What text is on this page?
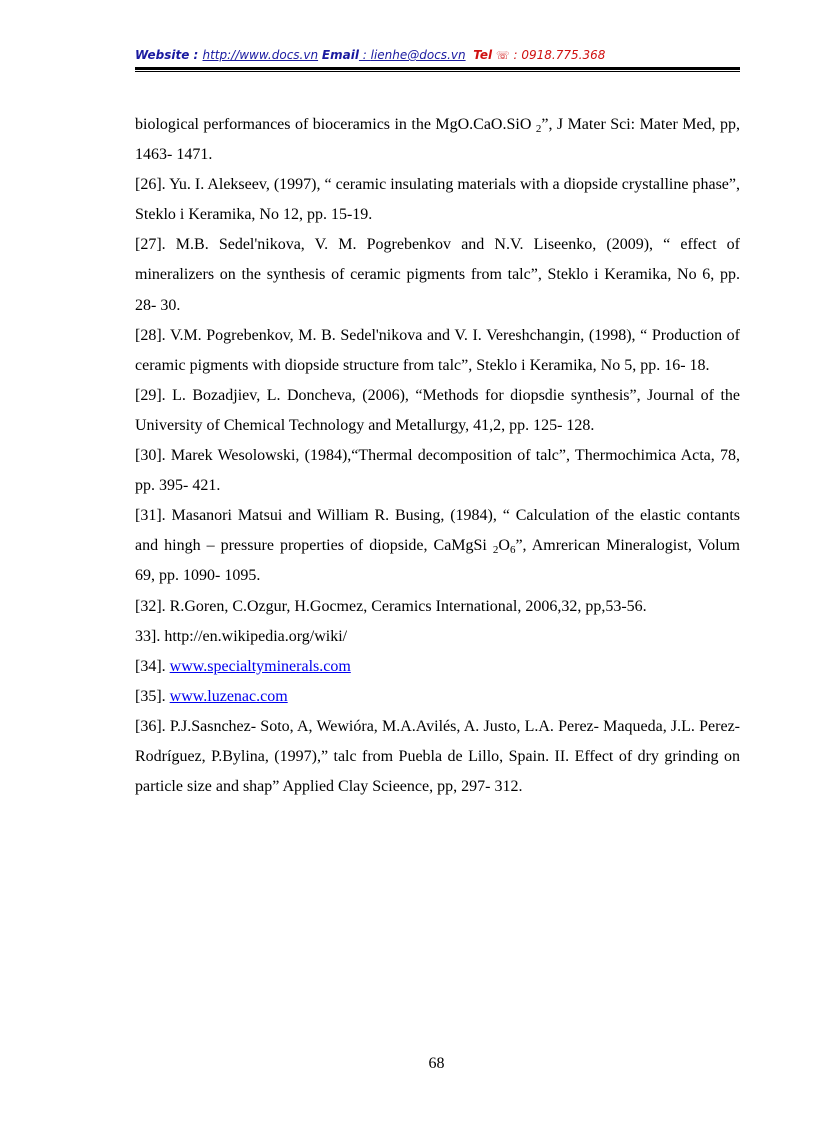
Website : http://www.docs.vn Email : lienhe@docs.vn Tel ☏ : 0918.775.368

biological performances of bioceramics in the MgO.CaO.SiO $_2$”, J Mater Sci: Mater Med, pp, 1463- 1471.

[26]. Yu. I. Alekseev, (1997), “ ceramic insulating materials with a diopside crystalline phase”, Steklo i Keramika, No 12, pp. 15-19.

[27]. M.B. Sedel'nikova, V. M. Pogrebenkov and N.V. Liseenko, (2009), “ effect of mineralizers on the synthesis of ceramic pigments from talc”, Steklo i Keramika, No 6, pp. 28- 30.

[28]. V.M. Pogrebenkov, M. B. Sedel'nikova and V. I. Vereshchangin, (1998), “ Production of ceramic pigments with diopside structure from talc”, Steklo i Keramika, No 5, pp. 16- 18.

[29]. L. Bozadjiev, L. Doncheva, (2006), “Methods for diopsdie synthesis”, Journal of the University of Chemical Technology and Metallurgy, 41,2, pp. 125- 128.

[30]. Marek Wesolowski, (1984),“Thermal decomposition of talc”, Thermochimica Acta, 78, pp. 395- 421.

[31]. Masanori Matsui and William R. Busing, (1984), “ Calculation of the elastic contants and hingh – pressure properties of diopside, CaMgSi $_2O_6$”, Amrerican Mineralogist, Volum 69, pp. 1090- 1095.

[32]. R.Goren, C.Ozgur, H.Gocmez, Ceramics International, 2006,32, pp,53-56.

33]. http://en.wikipedia.org/wiki/

[34]. www.specialtyminerals.com

[35]. www.luzenac.com

[36]. P.J.Sasnchez- Soto, A, Wewióra, M.A.Avilés, A. Justo, L.A. Perez- Maqueda, J.L. Perez- Rodríguez, P.Bylina, (1997),” talc from Puebla de Lillo, Spain. II. Effect of dry grinding on particle size and shap” Applied Clay Scieence, pp, 297- 312.

68
